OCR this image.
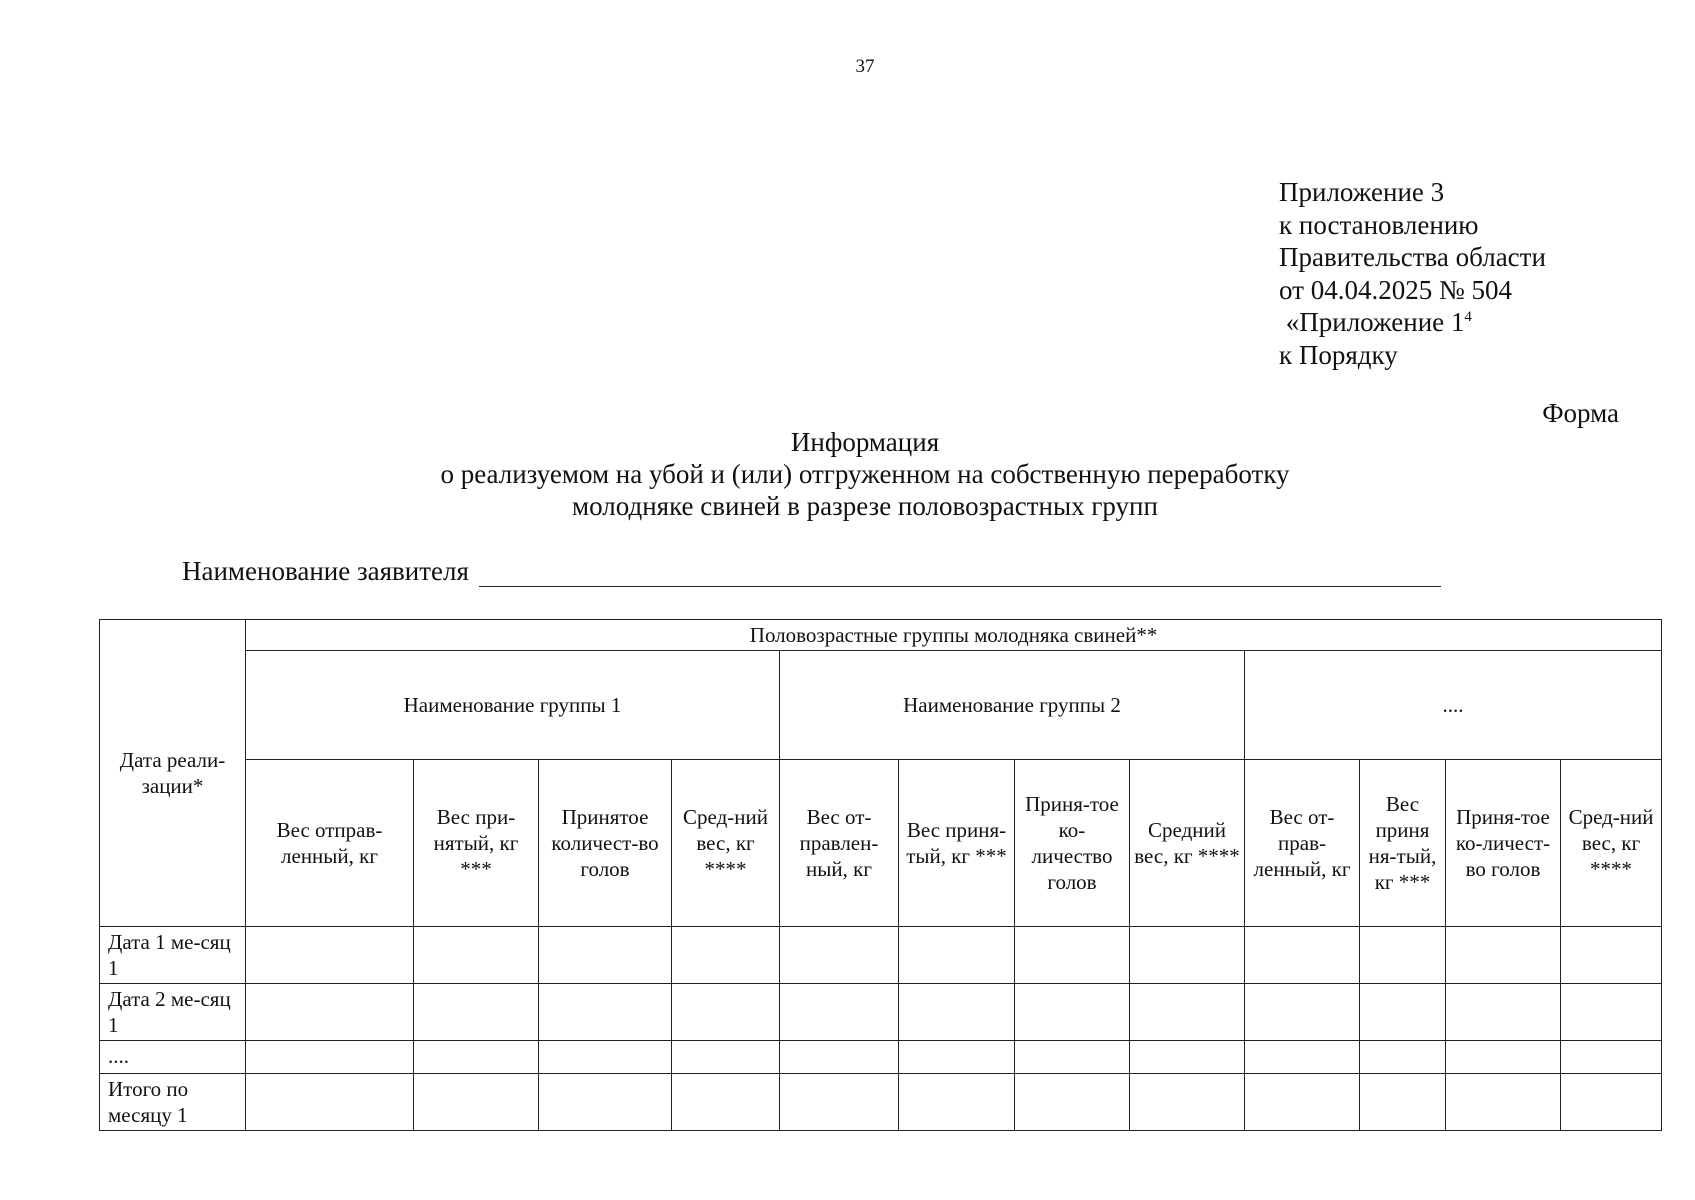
37
Приложение 3
к постановлению
Правительства области
от 04.04.2025 № 504
«Приложение $1^4$
к Порядку
Форма
Информация
о реализуемом на убой и (или) отгруженном на собственную переработку
молодняке свиней в разрезе половозрастных групп
Наименование заявителя
Дата реали-зации*	Половозрастные группы молодняка свиней**											
	Наименование группы 1				Наименование группы 2				....			
	Вес отправ-ленный, кг	Вес при-нятый, кг ***	Принятое количест-во голов	Сред-ний вес, кг ****	Вес от-правлен-ный, кг	Вес приня-тый, кг ***	Приня-тое ко-личество голов	Средний вес, кг ****	Вес от-прав-ленный, кг	Вес приня ня-тый, кг ***	Приня-тое ко-личест-во голов	Сред-ний вес, кг ****
Дата 1 ме-сяц 1												
Дата 2 ме-сяц 1												
....												
Итого по месяцу 1												
